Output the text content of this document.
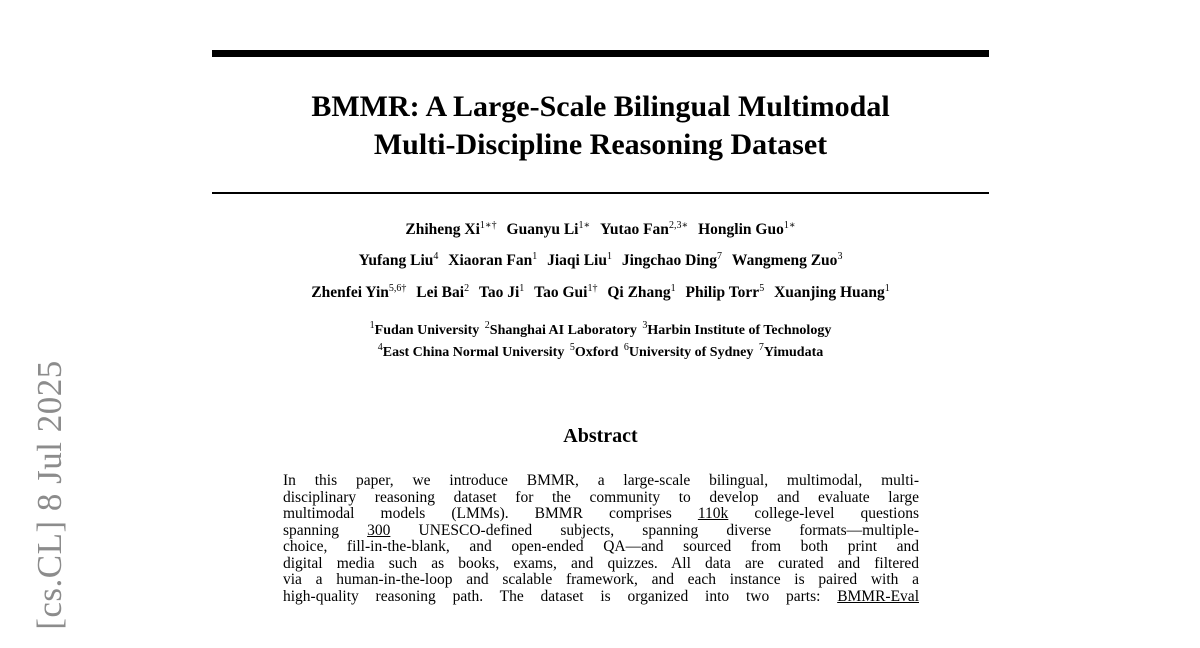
BMMR: A Large-Scale Bilingual Multimodal
Multi-Discipline Reasoning Dataset
Zhiheng $Xi^{1∗\dagger}$ Guanyu $Li^{1∗}$ Yutao Fan$^{2,3∗}$ Honglin Guo$^{1∗}$
Yufang Liu$^4$ Xiaoran Fan$^1$ Jiaqi Liu$^1$ Jingchao Ding$^7$ Wangmeng Zuo$^3$
Zhenfei Yin$^{5,6\dagger}$ Lei Bai$^2$ Tao Ji$^1$ Tao Gui$^{1\dagger}$ Qi Zhang$^1$ Philip Torr$^5$ Xuanjing Huang$^1$
$^1$Fudan University $^2$Shanghai AI Laboratory $^3$Harbin Institute of Technology
$^4$East China Normal University $^5$Oxford $^6$University of Sydney $^7$Yimudata
Abstract
In this paper, we introduce BMMR, a large-scale bilingual, multimodal, multi-
disciplinary reasoning dataset for the community to develop and evaluate large
multimodal models (LMMs). BMMR comprises 110k college-level questions
spanning 300 UNESCO-defined subjects, spanning diverse formats—multiple-
choice, fill-in-the-blank, and open-ended QA—and sourced from both print and
digital media such as books, exams, and quizzes. All data are curated and filtered
via a human-in-the-loop and scalable framework, and each instance is paired with a
high-quality reasoning path. The dataset is organized into two parts: BMMR-Eval
[cs.CL] 8 Jul 2025
